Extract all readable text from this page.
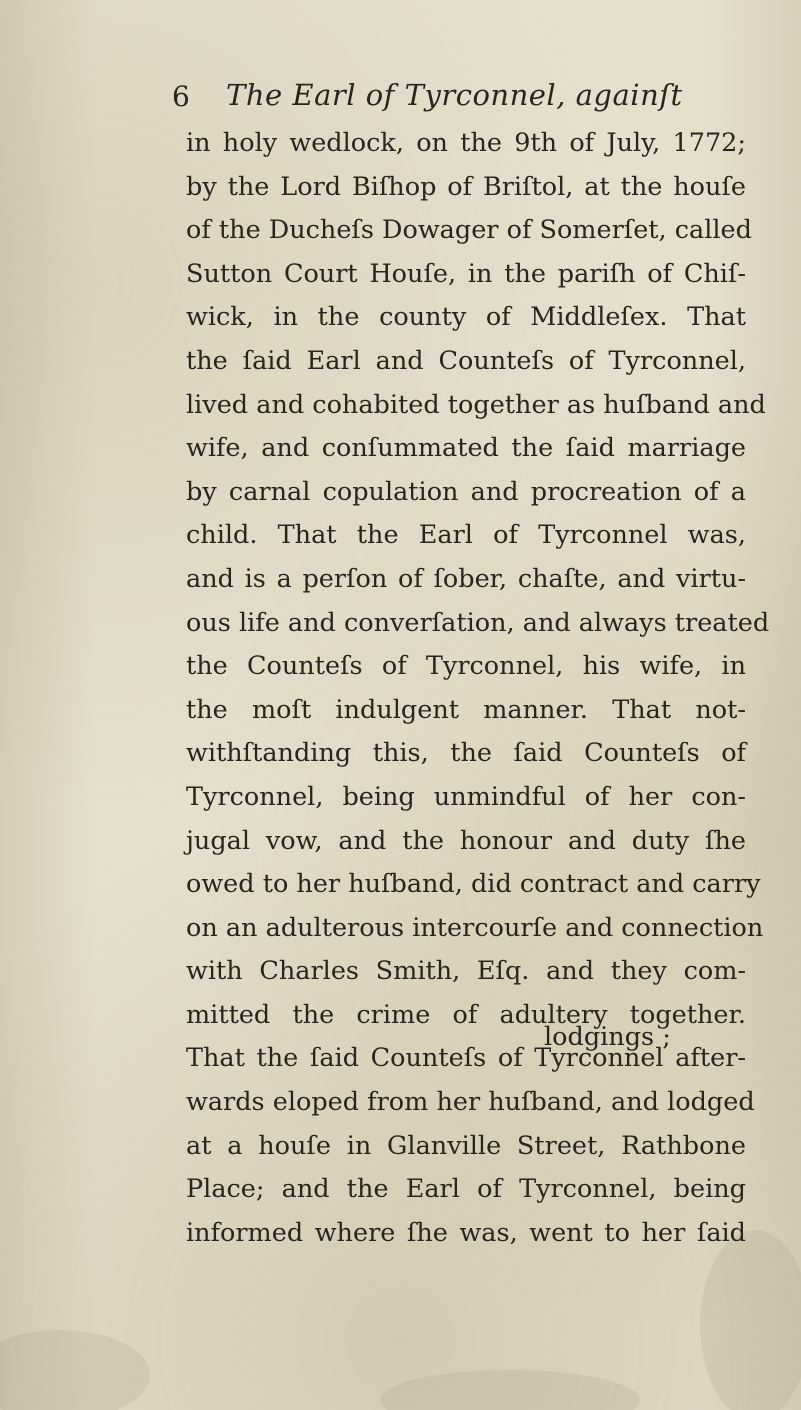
6 The Earl of Tyrconnel, againſt
in holy wedlock, on the 9th of July, 1772;
by the Lord Biſhop of Briſtol, at the houſe
of the Ducheſs Dowager of Somerſet, called
Sutton Court Houſe, in the pariſh of Chiſ-
wick, in the county of Middleſex. That
the ſaid Earl and Counteſs of Tyrconnel,
lived and cohabited together as huſband and
wife, and conſummated the ſaid marriage
by carnal copulation and procreation of a
child. That the Earl of Tyrconnel was,
and is a perſon of ſober, chaſte, and virtu-
ous life and converſation, and always treated
the Counteſs of Tyrconnel, his wife, in
the moſt indulgent manner. That not-
withſtanding this, the ſaid Counteſs of
Tyrconnel, being unmindful of her con-
jugal vow, and the honour and duty ſhe
owed to her huſband, did contract and carry
on an adulterous intercourſe and connection
with Charles Smith, Eſq. and they com-
mitted the crime of adultery together.
That the ſaid Counteſs of Tyrconnel after-
wards eloped from her huſband, and lodged
at a houſe in Glanville Street, Rathbone
Place; and the Earl of Tyrconnel, being
informed where ſhe was, went to her ſaid
lodgings ;
